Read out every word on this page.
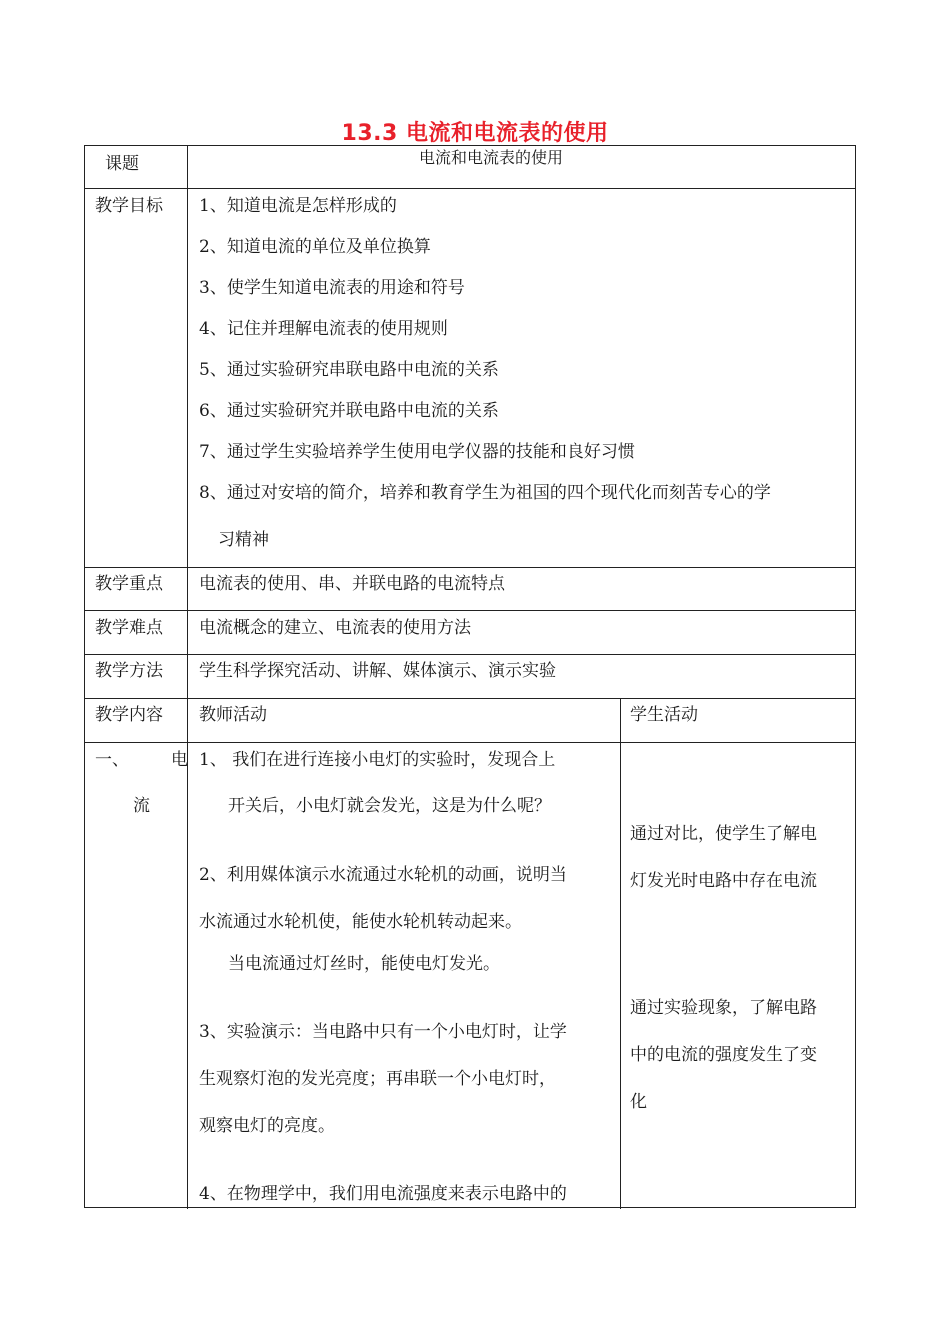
13.3 电流和电流表的使用
课题	电流和电流表的使用
教学目标 1、知道电流是怎样形成的
2、知道电流的单位及单位换算
3、使学生知道电流表的用途和符号
4、记住并理解电流表的使用规则
5、通过实验研究串联电路中电流的关系
6、通过实验研究并联电路中电流的关系
7、通过学生实验培养学生使用电学仪器的技能和良好习惯
8、通过对安培的简介，培养和教育学生为祖国的四个现代化而刻苦专心的学
习精神
教学重点 电流表的使用、串、并联电路的电流特点
教学难点 电流概念的建立、电流表的使用方法
教学方法 学生科学探究活动、讲解、媒体演示、演示实验
教学内容 教师活动	学生活动
一、 电
流
1、 我们在进行连接小电灯的实验时，发现合上
开关后，小电灯就会发光，这是为什么呢？
2、利用媒体演示水流通过水轮机的动画，说明当
水流通过水轮机使，能使水轮机转动起来。
当电流通过灯丝时，能使电灯发光。
3、实验演示：当电路中只有一个小电灯时，让学
生观察灯泡的发光亮度；再串联一个小电灯时，
观察电灯的亮度。
4、在物理学中，我们用电流强度来表示电路中的
通过对比，使学生了解电
灯发光时电路中存在电流
通过实验现象，了解电路
中的电流的强度发生了变
化
